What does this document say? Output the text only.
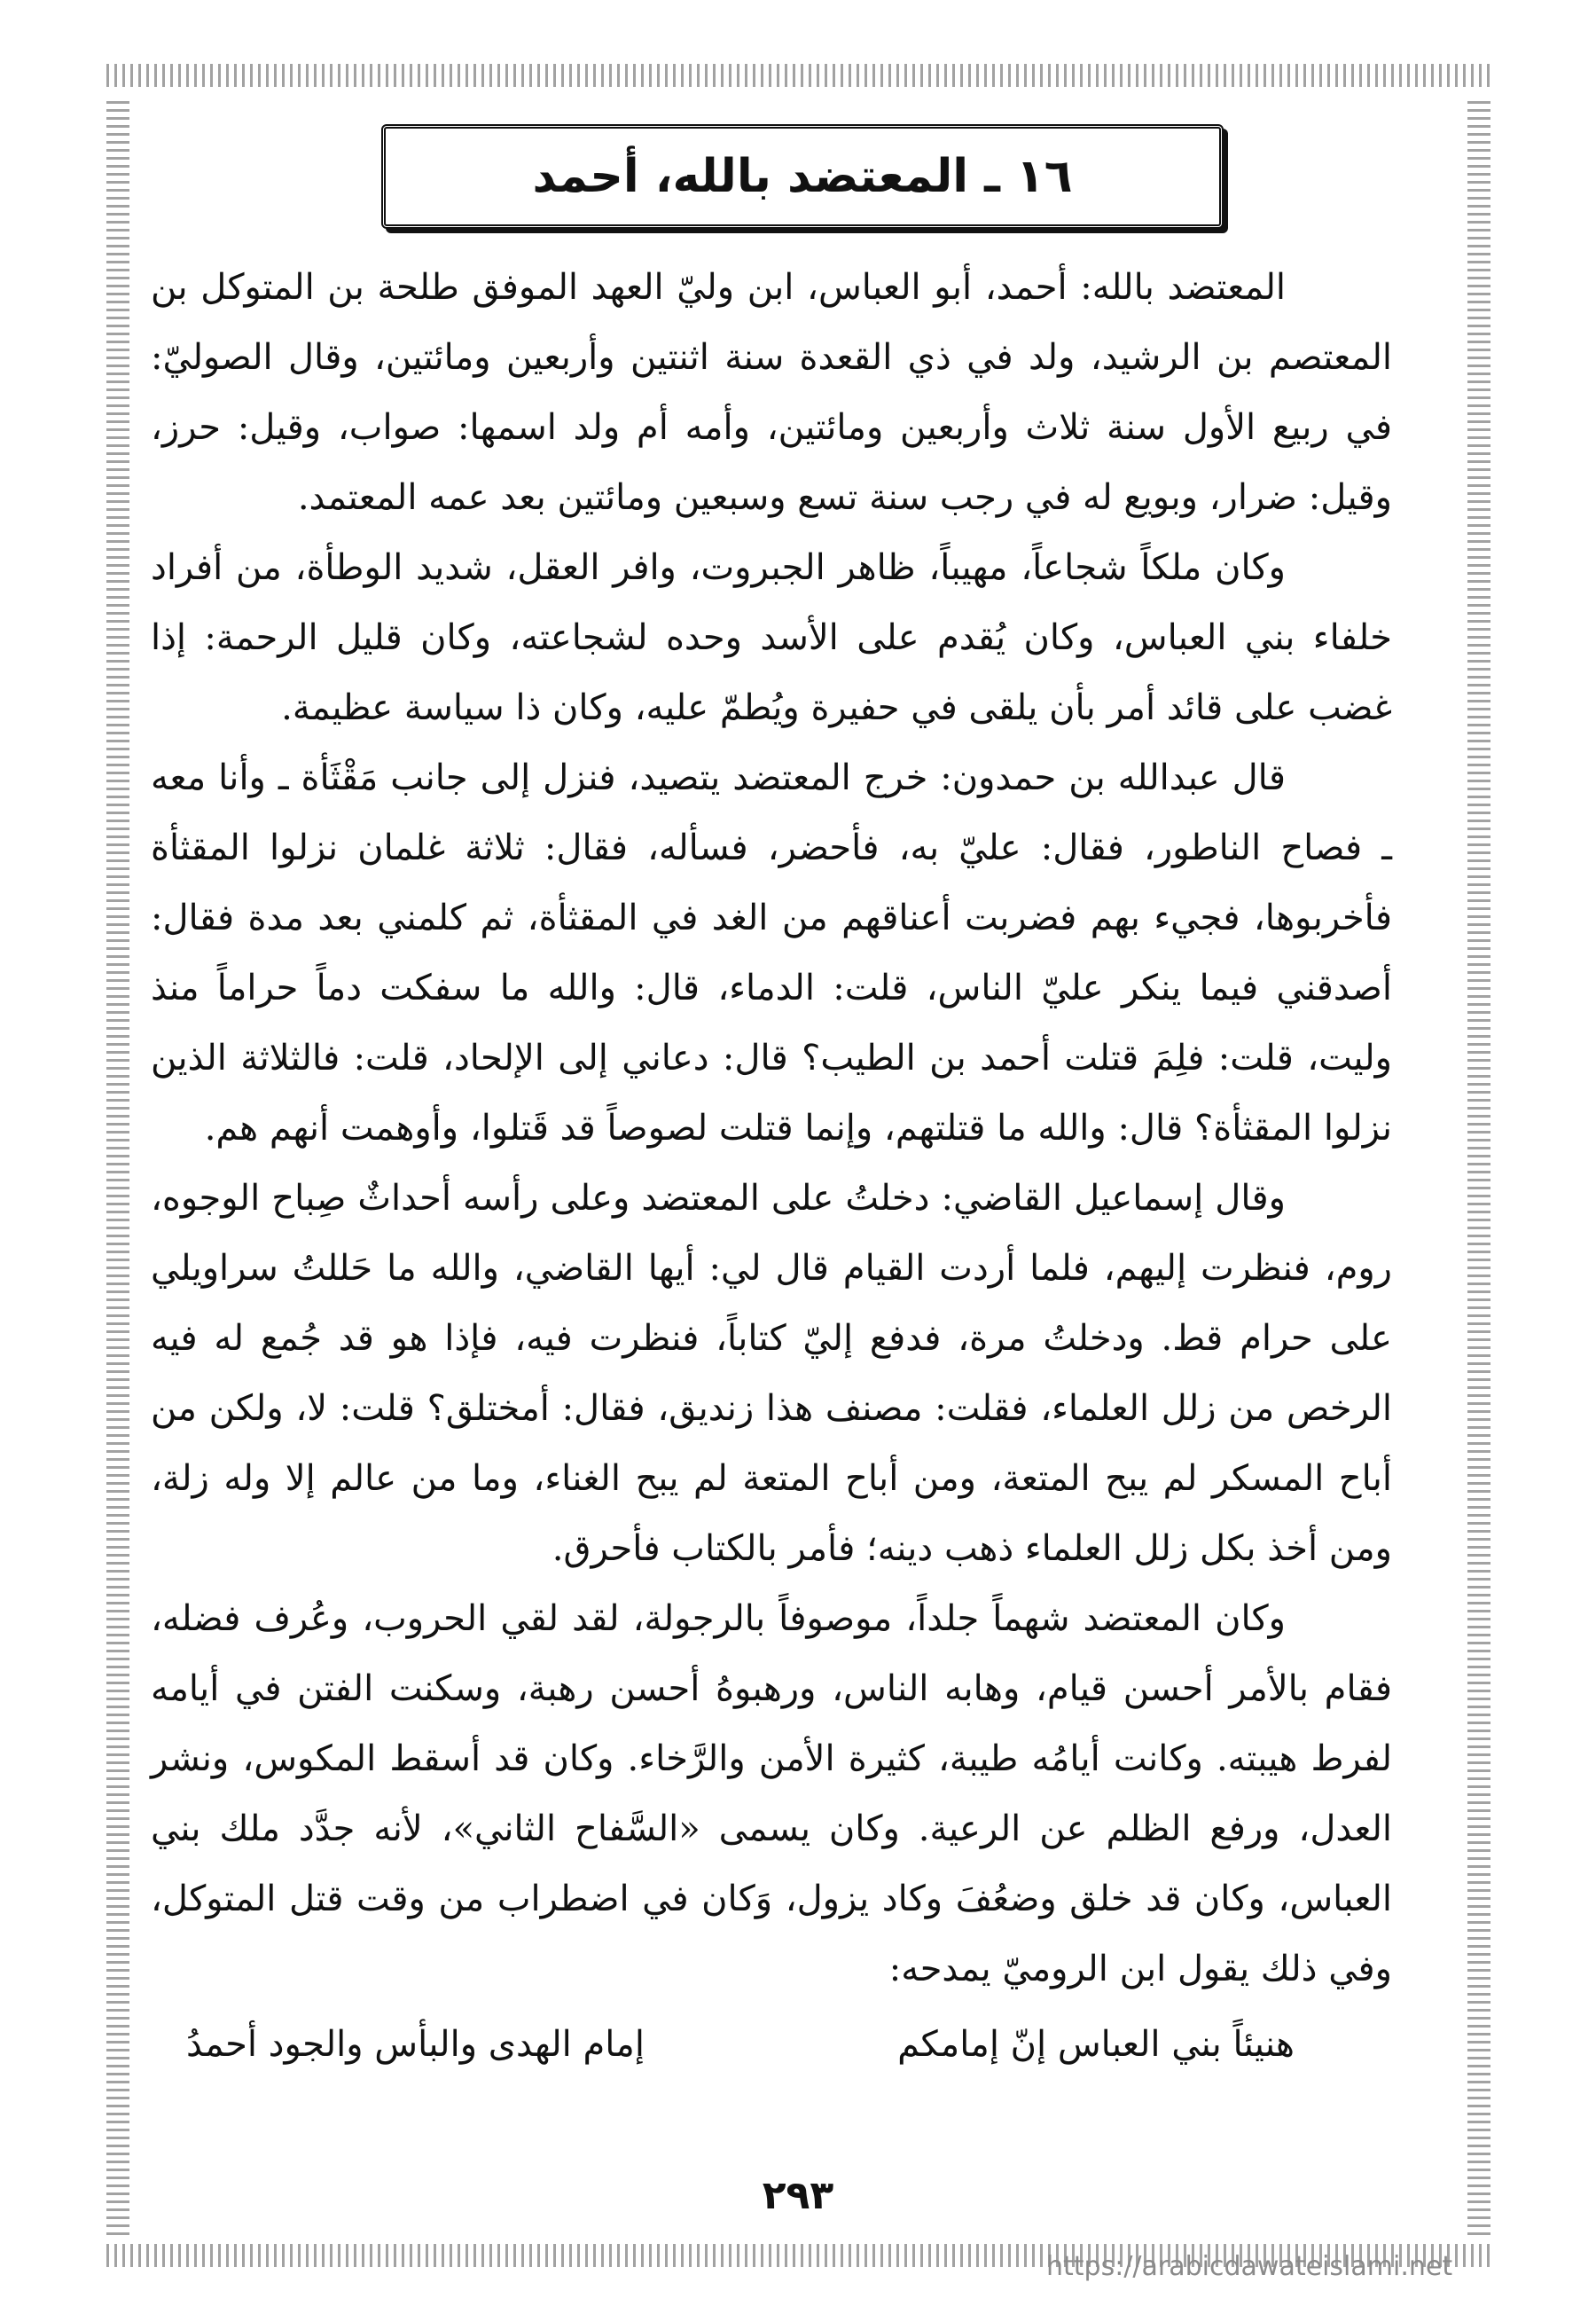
١٦ ـ المعتضد بالله، أحمد

المعتضد بالله: أحمد، أبو العباس، ابن وليّ العهد الموفق طلحة بن المتوكل بن المعتصم بن الرشيد، ولد في ذي القعدة سنة اثنتين وأربعين ومائتين، وقال الصوليّ: في ربيع الأول سنة ثلاث وأربعين ومائتين، وأمه أم ولد اسمها: صواب، وقيل: حرز، وقيل: ضرار، وبويع له في رجب سنة تسع وسبعين ومائتين بعد عمه المعتمد.

وكان ملكاً شجاعاً، مهيباً، ظاهر الجبروت، وافر العقل، شديد الوطأة، من أفراد خلفاء بني العباس، وكان يُقدم على الأسد وحده لشجاعته، وكان قليل الرحمة: إذا غضب على قائد أمر بأن يلقى في حفيرة ويُطمّ عليه، وكان ذا سياسة عظيمة.

قال عبدالله بن حمدون: خرج المعتضد يتصيد، فنزل إلى جانب مَقْثَأة ـ وأنا معه ـ فصاح الناطور، فقال: عليّ به، فأحضر، فسأله، فقال: ثلاثة غلمان نزلوا المقثأة فأخربوها، فجيء بهم فضربت أعناقهم من الغد في المقثأة، ثم كلمني بعد مدة فقال: أصدقني فيما ينكر عليّ الناس، قلت: الدماء، قال: والله ما سفكت دماً حراماً منذ وليت، قلت: فلِمَ قتلت أحمد بن الطيب؟ قال: دعاني إلى الإلحاد، قلت: فالثلاثة الذين نزلوا المقثأة؟ قال: والله ما قتلتهم، وإنما قتلت لصوصاً قد قَتلوا، وأوهمت أنهم هم.

وقال إسماعيل القاضي: دخلتُ على المعتضد وعلى رأسه أحداثٌ صِباح الوجوه، روم، فنظرت إليهم، فلما أردت القيام قال لي: أيها القاضي، والله ما حَللتُ سراويلي على حرام قط. ودخلتُ مرة، فدفع إليّ كتاباً، فنظرت فيه، فإذا هو قد جُمع له فيه الرخص من زلل العلماء، فقلت: مصنف هذا زنديق، فقال: أمختلق؟ قلت: لا، ولكن من أباح المسكر لم يبح المتعة، ومن أباح المتعة لم يبح الغناء، وما من عالم إلا وله زلة، ومن أخذ بكل زلل العلماء ذهب دينه؛ فأمر بالكتاب فأحرق.

وكان المعتضد شهماً جلداً، موصوفاً بالرجولة، لقد لقي الحروب، وعُرف فضله، فقام بالأمر أحسن قيام، وهابه الناس، ورهبوهُ أحسن رهبة، وسكنت الفتن في أيامه لفرط هيبته. وكانت أيامُه طيبة، كثيرة الأمن والرَّخاء. وكان قد أسقط المكوس، ونشر العدل، ورفع الظلم عن الرعية. وكان يسمى «السَّفاح الثاني»، لأنه جدَّد ملك بني العباس، وكان قد خلق وضعُفَ وكاد يزول، وَكان في اضطراب من وقت قتل المتوكل، وفي ذلك يقول ابن الروميّ يمدحه:

هنيئاً بني العباس إنّ إمامكم
إمام الهدى والبأس والجود أحمدُ
٢٩٣
https://arabicdawateislami.net
